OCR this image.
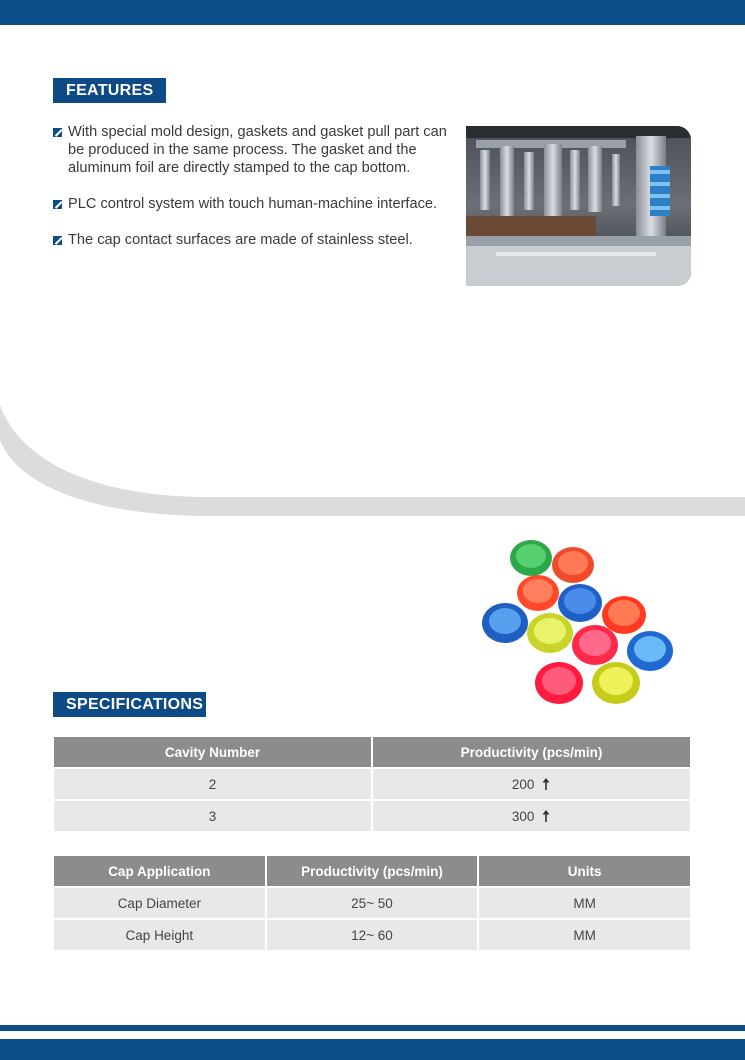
FEATURES
With special mold design, gaskets and gasket pull part can be produced in the same process. The gasket and the aluminum foil are directly stamped to the cap bottom.
PLC control system with touch human-machine interface.
The cap contact surfaces are made of stainless steel.
SPECIFICATIONS
Cavity Number	Productivity (pcs/min)
2	200
3	300
Cap Application	Productivity (pcs/min)	Units
Cap Diameter	25~ 50	MM
Cap Height	12~ 60	MM
